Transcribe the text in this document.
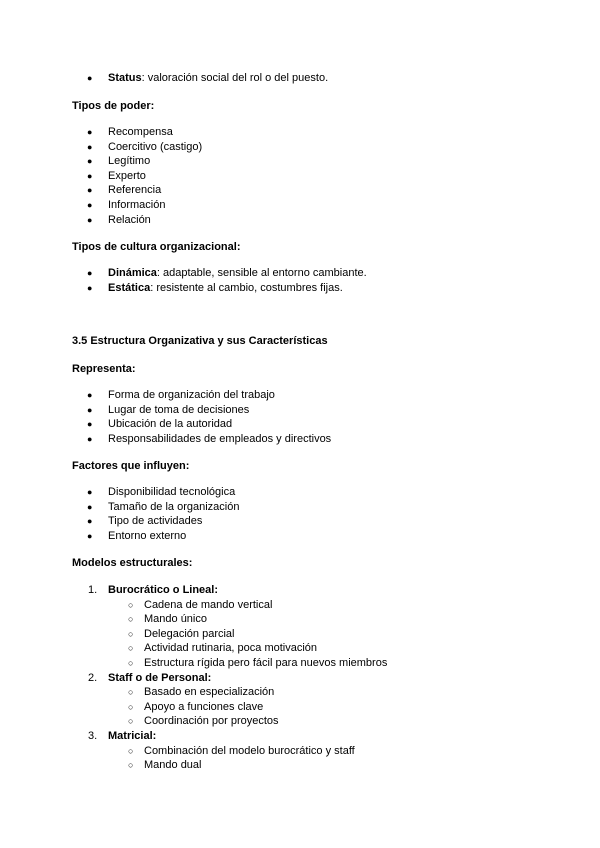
● Status: valoración social del rol o del puesto.
Tipos de poder:
● Recompensa
● Coercitivo (castigo)
● Legítimo
● Experto
● Referencia
● Información
● Relación
Tipos de cultura organizacional:
● Dinámica: adaptable, sensible al entorno cambiante.
● Estática: resistente al cambio, costumbres fijas.
3.5 Estructura Organizativa y sus Características
Representa:
● Forma de organización del trabajo
● Lugar de toma de decisiones
● Ubicación de la autoridad
● Responsabilidades de empleados y directivos
Factores que influyen:
● Disponibilidad tecnológica
● Tamaño de la organización
● Tipo de actividades
● Entorno externo
Modelos estructurales:
1. Burocrático o Lineal:
○ Cadena de mando vertical
○ Mando único
○ Delegación parcial
○ Actividad rutinaria, poca motivación
○ Estructura rígida pero fácil para nuevos miembros
2. Staff o de Personal:
○ Basado en especialización
○ Apoyo a funciones clave
○ Coordinación por proyectos
3. Matricial:
○ Combinación del modelo burocrático y staff
○ Mando dual
